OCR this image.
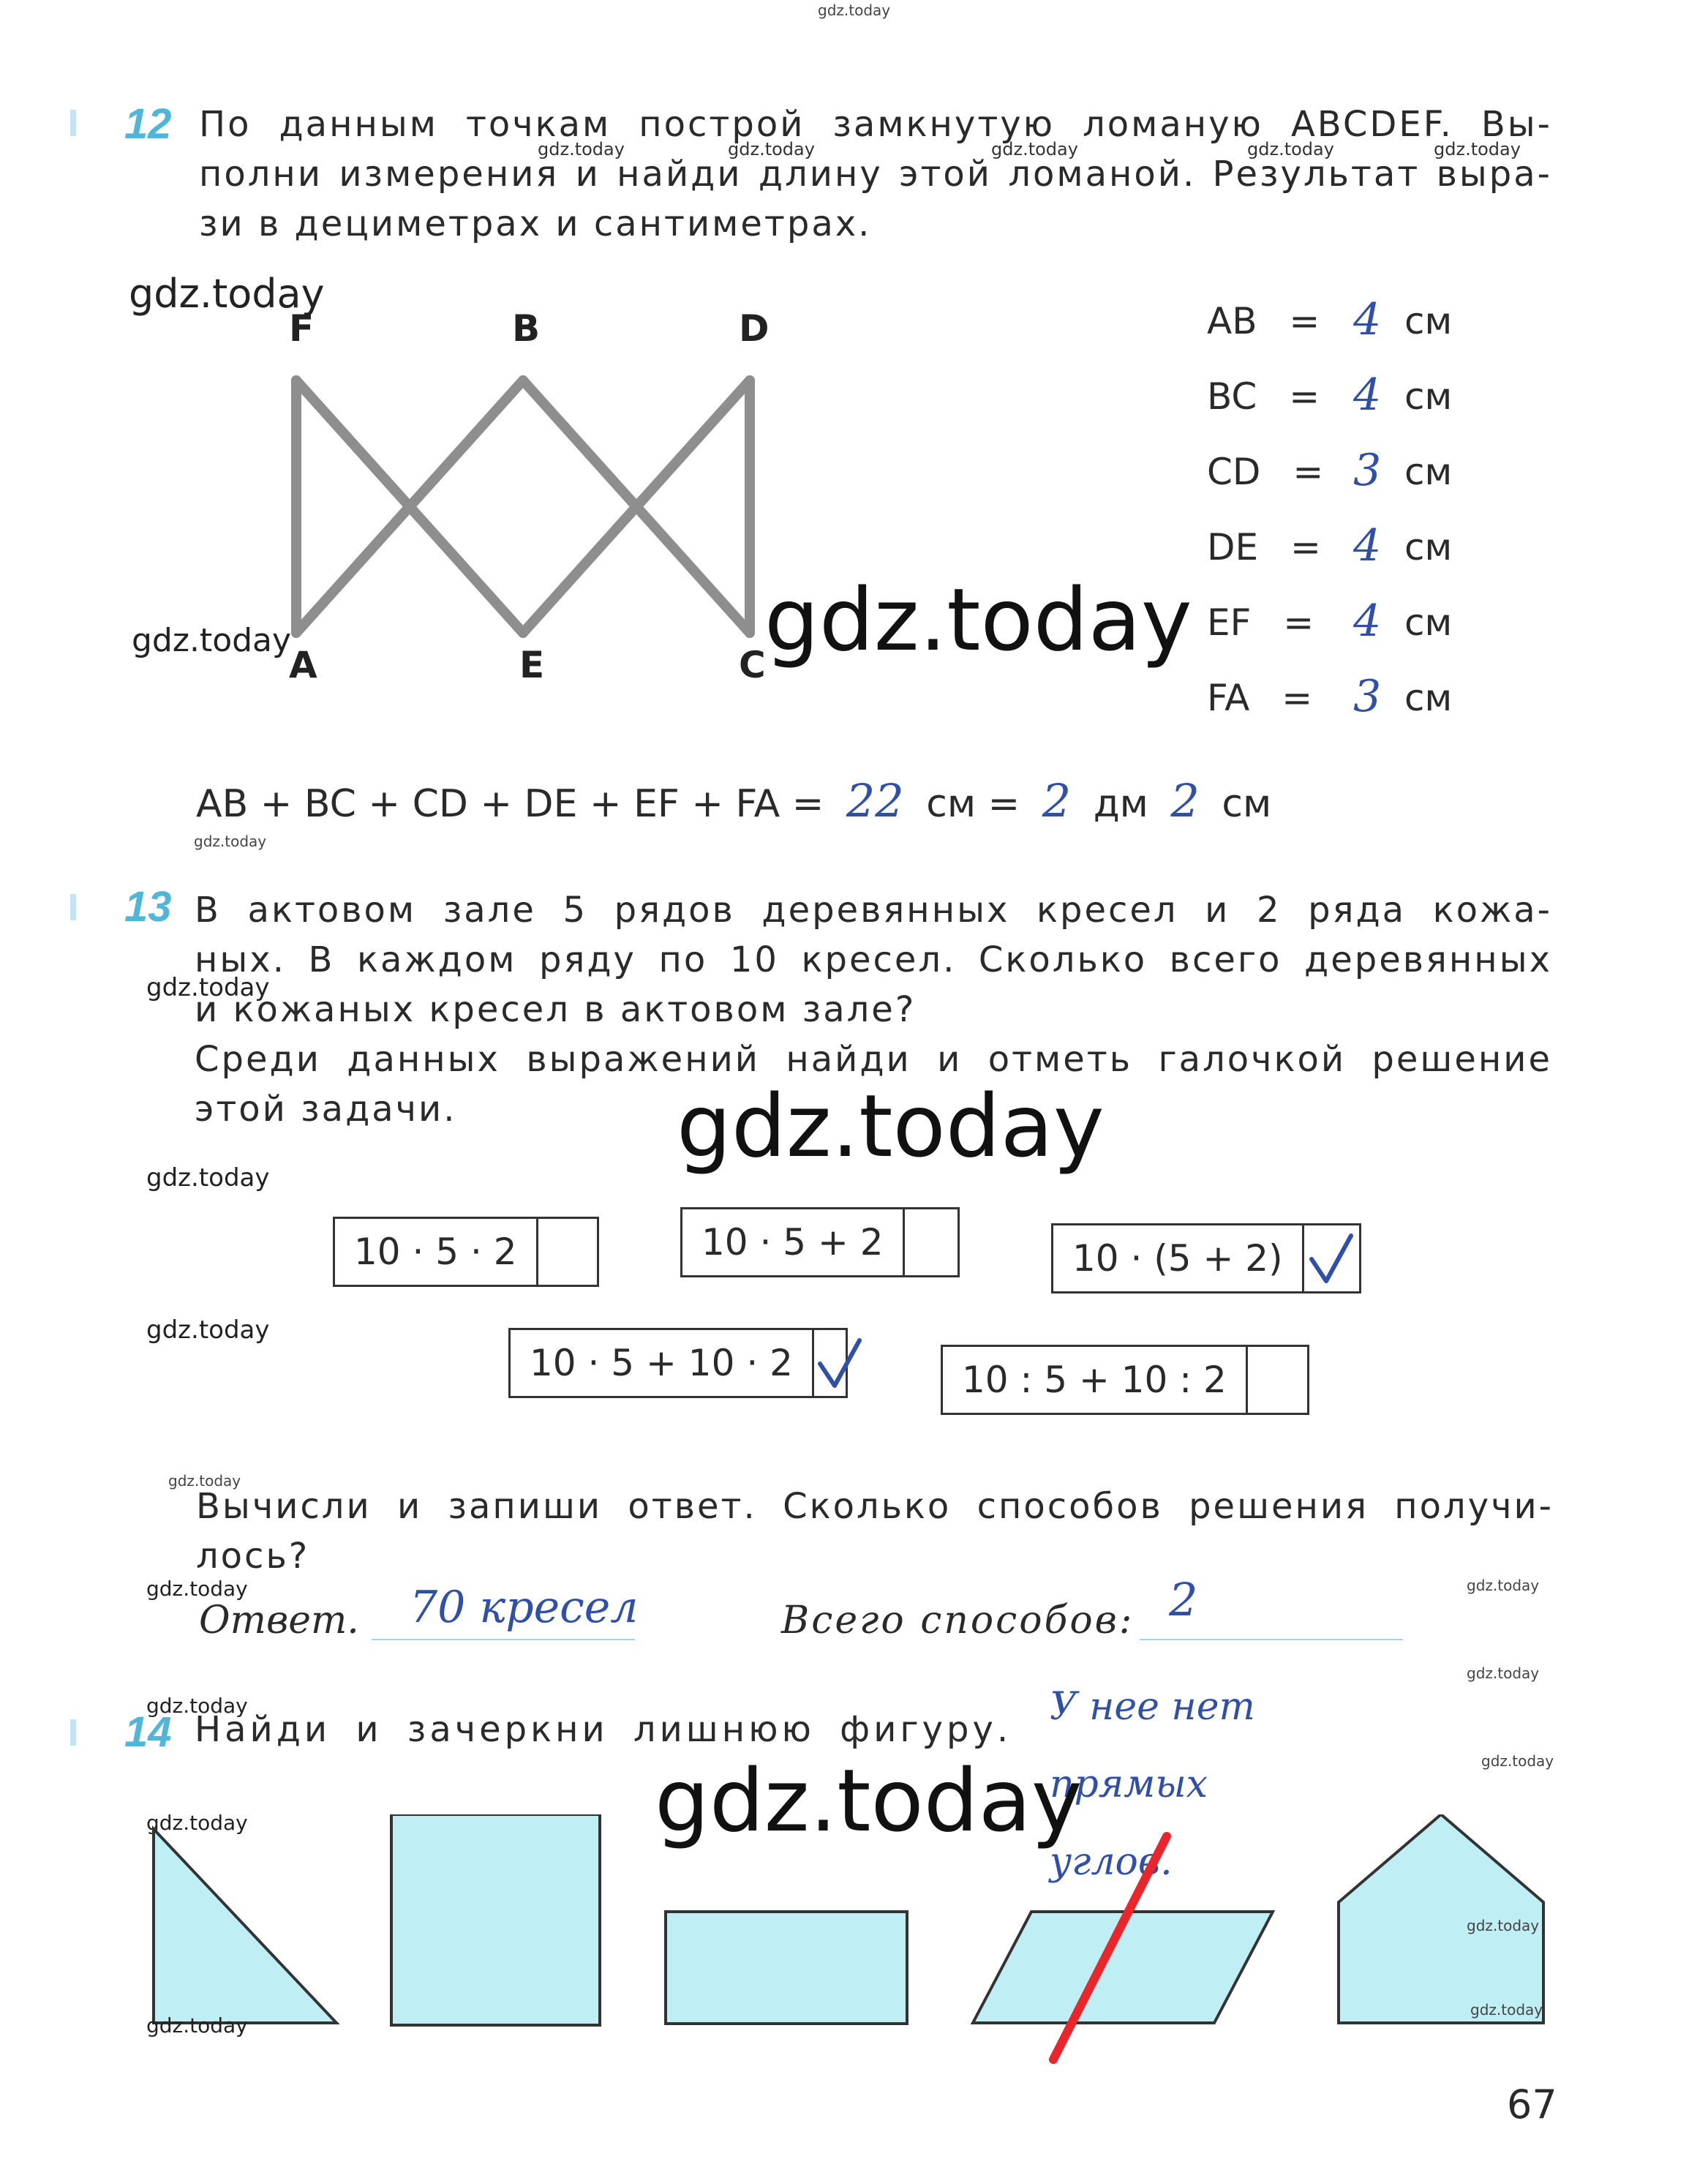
gdz.today
12 По данным точкам построй замкнутую ломаную ABCDEF. Вы-
полни измерения и найди длину этой ломаной. Результат выра-
зи в дециметрах и сантиметрах.
gdz.today	gdz.today	gdz.today	gdz.today	gdz.today
F	B	D
A	E	C
gdz.today
gdz.today	gdz.today
AB = 4 см
BC = 4 см
CD = 3 см
DE = 4 см
EF = 4 см
FA = 3 см
AB + BC + CD + DE + EF + FA = 22 см = 2 дм 2 см
gdz.today
13 В актовом зале 5 рядов деревянных кресел и 2 ряда кожа-
ных. В каждом ряду по 10 кресел. Сколько всего деревянных
и кожаных кресел в актовом зале?
Среди данных выражений найди и отметь галочкой решение
этой задачи.
gdz.today
gdz.today
gdz.today
gdz.today
10 · 5 · 2	10 · 5 + 2	10 · (5 + 2)
10 · 5 + 10 · 2	10 : 5 + 10 : 2
gdz.today
Вычисли и запиши ответ. Сколько способов решения получи-
лось?
gdz.today	gdz.today
Ответ. 70 кресел	Всего способов: 2
gdz.today
gdz.today
14 Найди и зачеркни лишнюю фигуру.
У нее нет
прямых
углов.
gdz.today
gdz.today	gdz.today
gdz.today
gdz.today
gdz.today
67
